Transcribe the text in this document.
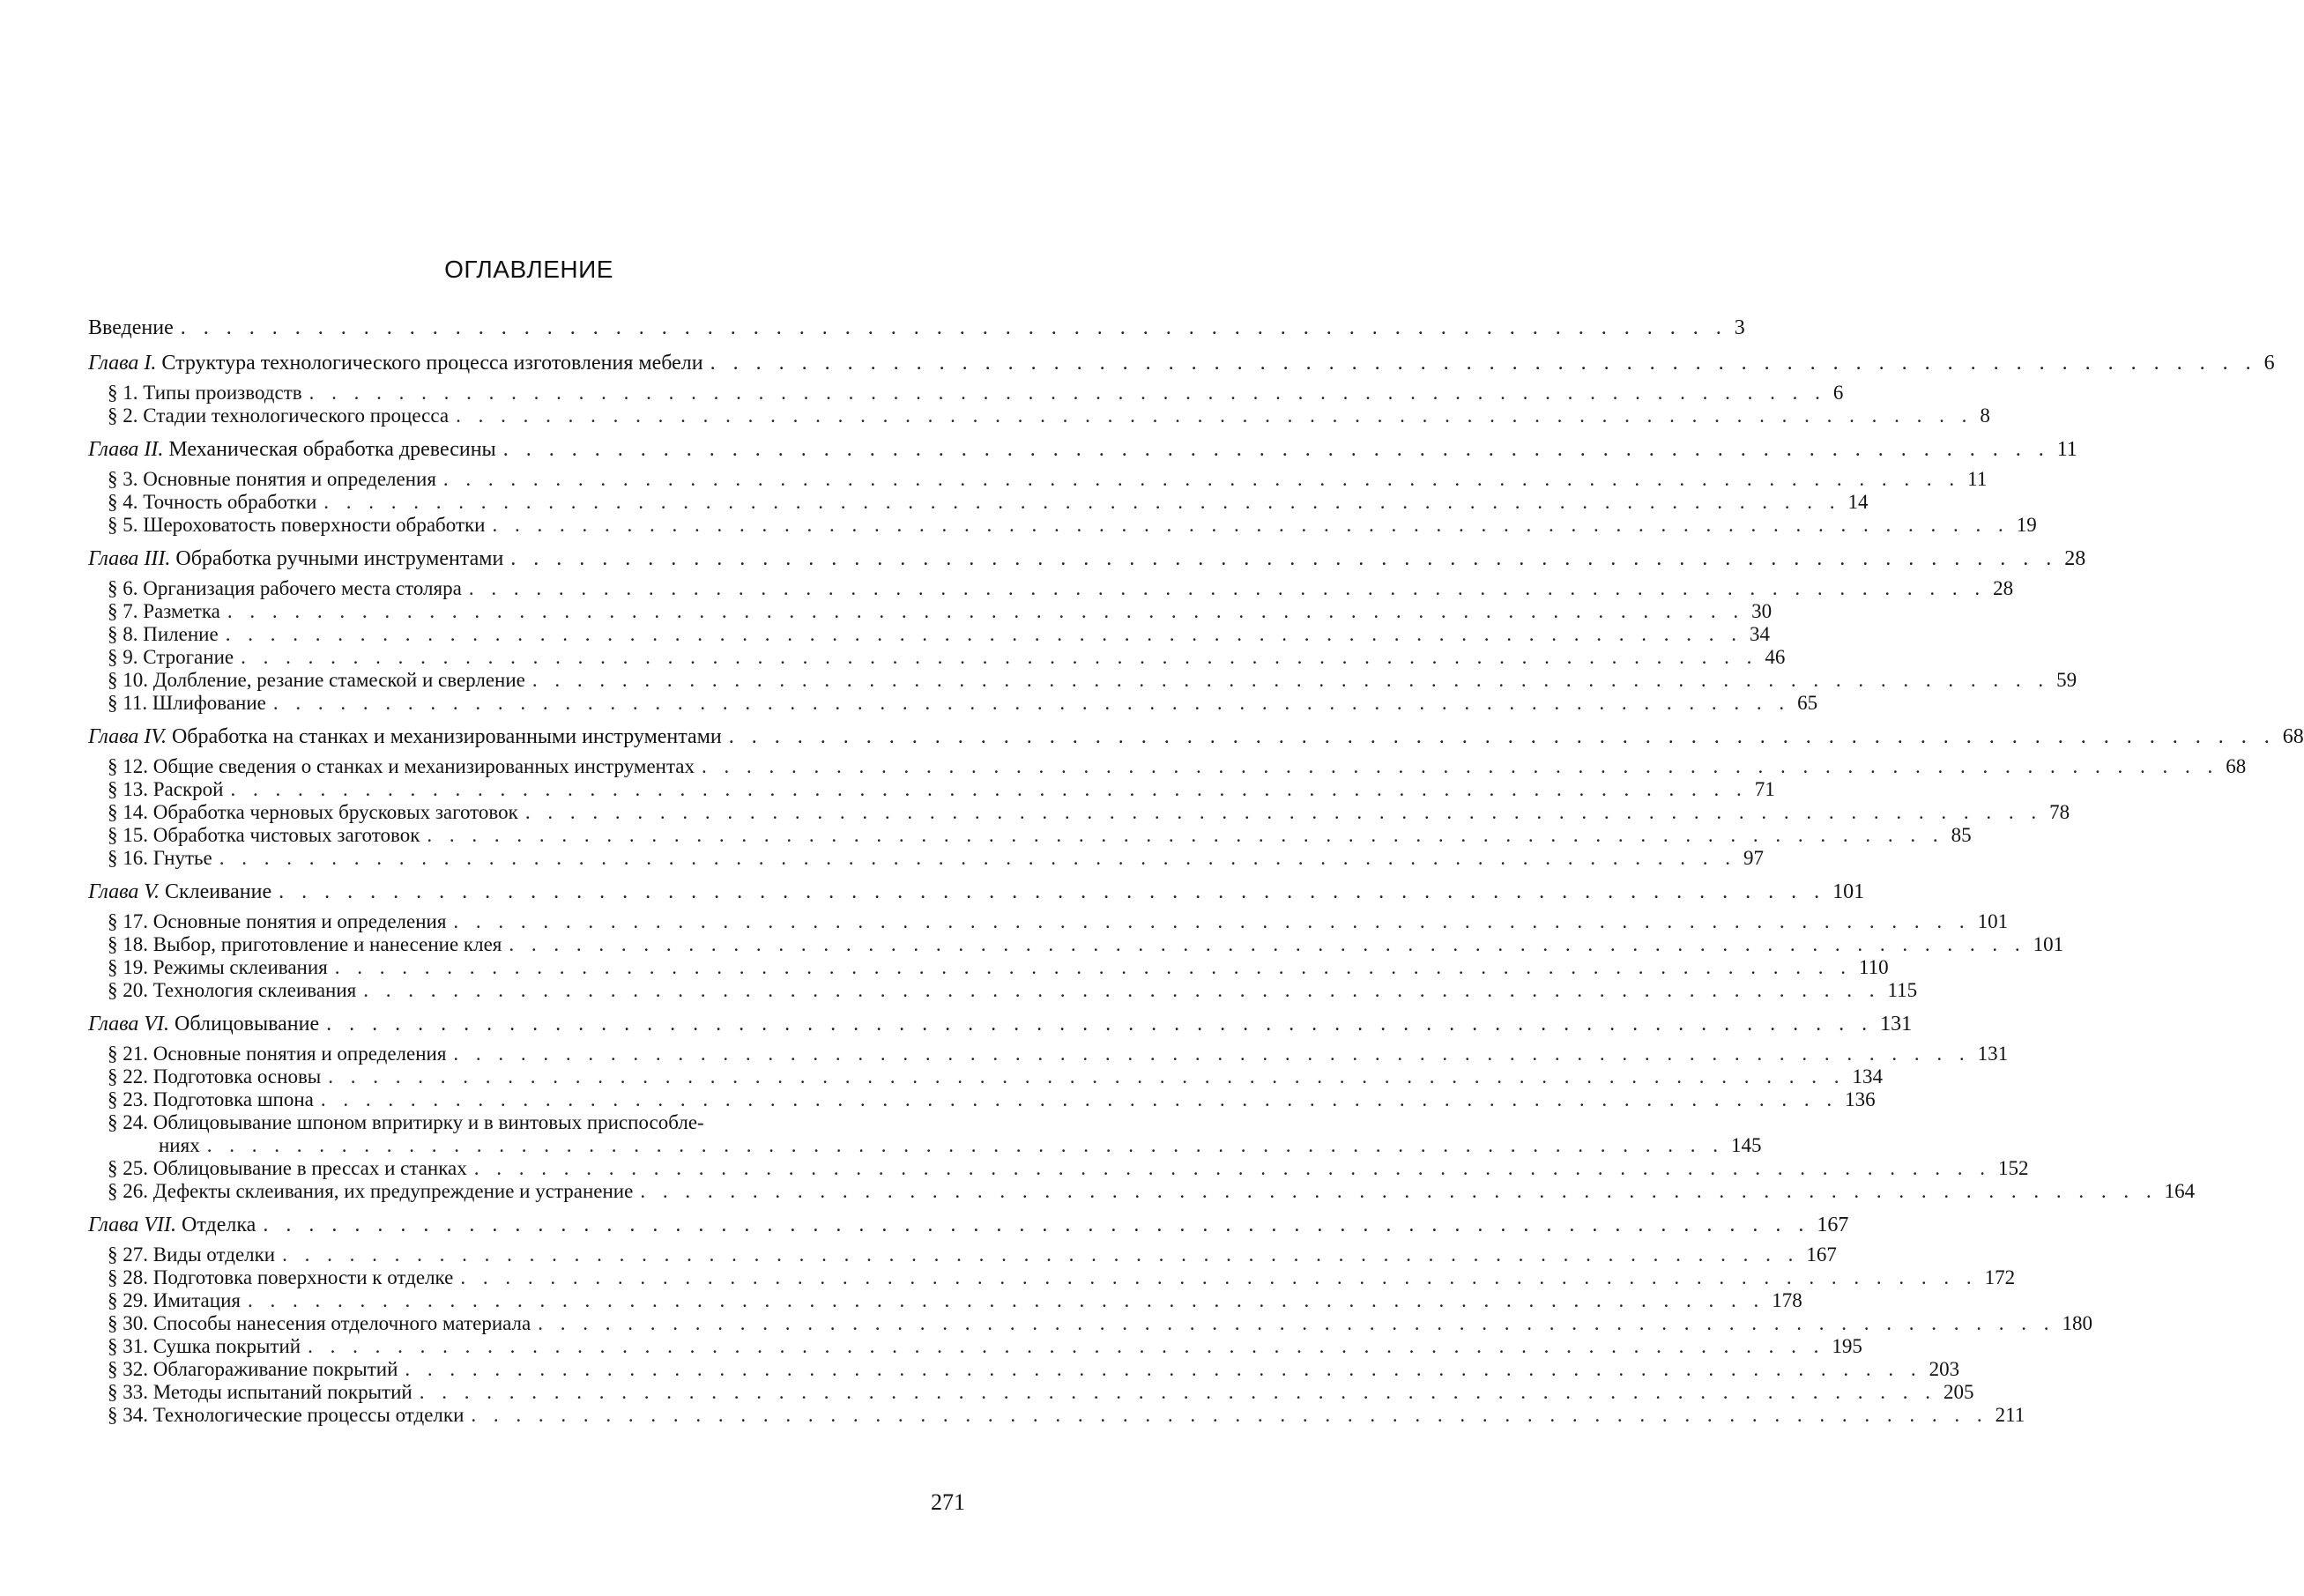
ОГЛАВЛЕНИЕ
Введение . . . . . . . . . . . . . . . . . . . . . . . . . . . . . . . . . . . . . . . . . . . . . . . . . . . . . . . . . . . . . . . . . . . . 3
Глава I. Структура технологического процесса изготовления мебели . . . . . . . . . . . . . . . . . . . . . . . . . . . . . . . . . . . . . . . . . . . . . . . . . . . . . . . . . . . . . . . . . . . . 6
§ 1. Типы производств . . . . . . . . . . . . . . . . . . . . . . . . . . . . . . . . . . . . . . . . . . . . . . . . . . . . . . . . . . . . . . . . . . . . 6
§ 2. Стадии технологического процесса . . . . . . . . . . . . . . . . . . . . . . . . . . . . . . . . . . . . . . . . . . . . . . . . . . . . . . . . . . . . . . . . . . . . 8
Глава II. Механическая обработка древесины . . . . . . . . . . . . . . . . . . . . . . . . . . . . . . . . . . . . . . . . . . . . . . . . . . . . . . . . . . . . . . . . . . . . 11
§ 3. Основные понятия и определения . . . . . . . . . . . . . . . . . . . . . . . . . . . . . . . . . . . . . . . . . . . . . . . . . . . . . . . . . . . . . . . . . . . . 11
§ 4. Точность обработки . . . . . . . . . . . . . . . . . . . . . . . . . . . . . . . . . . . . . . . . . . . . . . . . . . . . . . . . . . . . . . . . . . . . 14
§ 5. Шероховатость поверхности обработки . . . . . . . . . . . . . . . . . . . . . . . . . . . . . . . . . . . . . . . . . . . . . . . . . . . . . . . . . . . . . . . . . . . . 19
Глава III. Обработка ручными инструментами . . . . . . . . . . . . . . . . . . . . . . . . . . . . . . . . . . . . . . . . . . . . . . . . . . . . . . . . . . . . . . . . . . . . 28
§ 6. Организация рабочего места столяра . . . . . . . . . . . . . . . . . . . . . . . . . . . . . . . . . . . . . . . . . . . . . . . . . . . . . . . . . . . . . . . . . . . . 28
§ 7. Разметка . . . . . . . . . . . . . . . . . . . . . . . . . . . . . . . . . . . . . . . . . . . . . . . . . . . . . . . . . . . . . . . . . . . . 30
§ 8. Пиление . . . . . . . . . . . . . . . . . . . . . . . . . . . . . . . . . . . . . . . . . . . . . . . . . . . . . . . . . . . . . . . . . . . . 34
§ 9. Строгание . . . . . . . . . . . . . . . . . . . . . . . . . . . . . . . . . . . . . . . . . . . . . . . . . . . . . . . . . . . . . . . . . . . . 46
§ 10. Долбление, резание стамеской и сверление . . . . . . . . . . . . . . . . . . . . . . . . . . . . . . . . . . . . . . . . . . . . . . . . . . . . . . . . . . . . . . . . . . . . 59
§ 11. Шлифование . . . . . . . . . . . . . . . . . . . . . . . . . . . . . . . . . . . . . . . . . . . . . . . . . . . . . . . . . . . . . . . . . . . . 65
Глава IV. Обработка на станках и механизированными инструментами . . . . . . . . . . . . . . . . . . . . . . . . . . . . . . . . . . . . . . . . . . . . . . . . . . . . . . . . . . . . . . . . . . . . 68
§ 12. Общие сведения о станках и механизированных инструментах . . . . . . . . . . . . . . . . . . . . . . . . . . . . . . . . . . . . . . . . . . . . . . . . . . . . . . . . . . . . . . . . . . . . 68
§ 13. Раскрой . . . . . . . . . . . . . . . . . . . . . . . . . . . . . . . . . . . . . . . . . . . . . . . . . . . . . . . . . . . . . . . . . . . . 71
§ 14. Обработка черновых брусковых заготовок . . . . . . . . . . . . . . . . . . . . . . . . . . . . . . . . . . . . . . . . . . . . . . . . . . . . . . . . . . . . . . . . . . . . 78
§ 15. Обработка чистовых заготовок . . . . . . . . . . . . . . . . . . . . . . . . . . . . . . . . . . . . . . . . . . . . . . . . . . . . . . . . . . . . . . . . . . . . 85
§ 16. Гнутье . . . . . . . . . . . . . . . . . . . . . . . . . . . . . . . . . . . . . . . . . . . . . . . . . . . . . . . . . . . . . . . . . . . . 97
Глава V. Склеивание . . . . . . . . . . . . . . . . . . . . . . . . . . . . . . . . . . . . . . . . . . . . . . . . . . . . . . . . . . . . . . . . . . . . 101
§ 17. Основные понятия и определения . . . . . . . . . . . . . . . . . . . . . . . . . . . . . . . . . . . . . . . . . . . . . . . . . . . . . . . . . . . . . . . . . . . . 101
§ 18. Выбор, приготовление и нанесение клея . . . . . . . . . . . . . . . . . . . . . . . . . . . . . . . . . . . . . . . . . . . . . . . . . . . . . . . . . . . . . . . . . . . . 101
§ 19. Режимы склеивания . . . . . . . . . . . . . . . . . . . . . . . . . . . . . . . . . . . . . . . . . . . . . . . . . . . . . . . . . . . . . . . . . . . . 110
§ 20. Технология склеивания . . . . . . . . . . . . . . . . . . . . . . . . . . . . . . . . . . . . . . . . . . . . . . . . . . . . . . . . . . . . . . . . . . . . 115
Глава VI. Облицовывание . . . . . . . . . . . . . . . . . . . . . . . . . . . . . . . . . . . . . . . . . . . . . . . . . . . . . . . . . . . . . . . . . . . . 131
§ 21. Основные понятия и определения . . . . . . . . . . . . . . . . . . . . . . . . . . . . . . . . . . . . . . . . . . . . . . . . . . . . . . . . . . . . . . . . . . . . 131
§ 22. Подготовка основы . . . . . . . . . . . . . . . . . . . . . . . . . . . . . . . . . . . . . . . . . . . . . . . . . . . . . . . . . . . . . . . . . . . . 134
§ 23. Подготовка шпона . . . . . . . . . . . . . . . . . . . . . . . . . . . . . . . . . . . . . . . . . . . . . . . . . . . . . . . . . . . . . . . . . . . . 136
§ 24. Облицовывание шпоном впритирку и в винтовых приспособле-
ниях . . . . . . . . . . . . . . . . . . . . . . . . . . . . . . . . . . . . . . . . . . . . . . . . . . . . . . . . . . . . . . . . . . . . 145
§ 25. Облицовывание в прессах и станках . . . . . . . . . . . . . . . . . . . . . . . . . . . . . . . . . . . . . . . . . . . . . . . . . . . . . . . . . . . . . . . . . . . . 152
§ 26. Дефекты склеивания, их предупреждение и устранение . . . . . . . . . . . . . . . . . . . . . . . . . . . . . . . . . . . . . . . . . . . . . . . . . . . . . . . . . . . . . . . . . . . . 164
Глава VII. Отделка . . . . . . . . . . . . . . . . . . . . . . . . . . . . . . . . . . . . . . . . . . . . . . . . . . . . . . . . . . . . . . . . . . . . 167
§ 27. Виды отделки . . . . . . . . . . . . . . . . . . . . . . . . . . . . . . . . . . . . . . . . . . . . . . . . . . . . . . . . . . . . . . . . . . . . 167
§ 28. Подготовка поверхности к отделке . . . . . . . . . . . . . . . . . . . . . . . . . . . . . . . . . . . . . . . . . . . . . . . . . . . . . . . . . . . . . . . . . . . . 172
§ 29. Имитация . . . . . . . . . . . . . . . . . . . . . . . . . . . . . . . . . . . . . . . . . . . . . . . . . . . . . . . . . . . . . . . . . . . . 178
§ 30. Способы нанесения отделочного материала . . . . . . . . . . . . . . . . . . . . . . . . . . . . . . . . . . . . . . . . . . . . . . . . . . . . . . . . . . . . . . . . . . . . 180
§ 31. Сушка покрытий . . . . . . . . . . . . . . . . . . . . . . . . . . . . . . . . . . . . . . . . . . . . . . . . . . . . . . . . . . . . . . . . . . . . 195
§ 32. Облагораживание покрытий . . . . . . . . . . . . . . . . . . . . . . . . . . . . . . . . . . . . . . . . . . . . . . . . . . . . . . . . . . . . . . . . . . . . 203
§ 33. Методы испытаний покрытий . . . . . . . . . . . . . . . . . . . . . . . . . . . . . . . . . . . . . . . . . . . . . . . . . . . . . . . . . . . . . . . . . . . . 205
§ 34. Технологические процессы отделки . . . . . . . . . . . . . . . . . . . . . . . . . . . . . . . . . . . . . . . . . . . . . . . . . . . . . . . . . . . . . . . . . . . . 211
271
